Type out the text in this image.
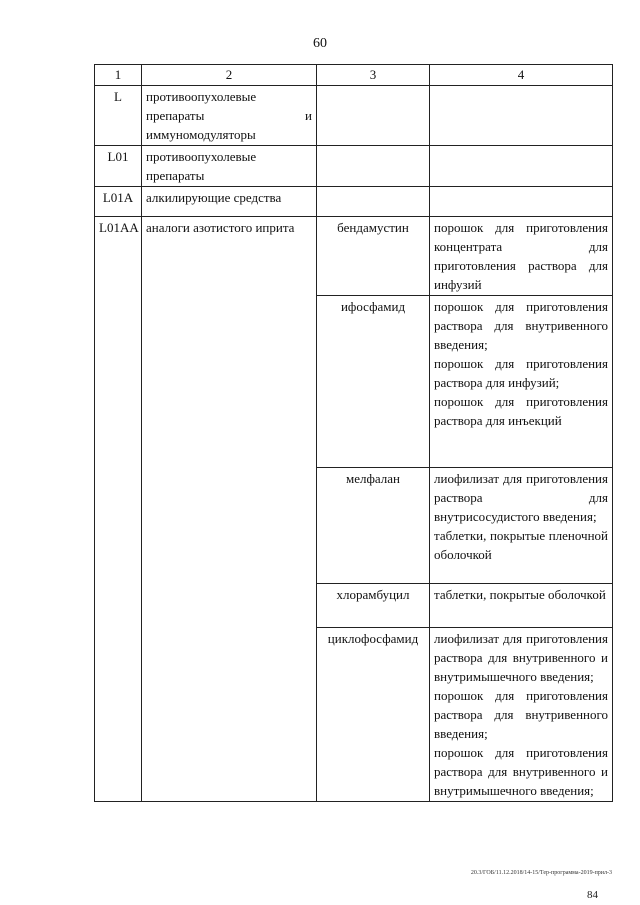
60
1	2	3	4
L	противоопухолевые препараты и иммуномодуляторы		
L01	противоопухолевые препараты		
L01A	алкилирующие средства		
L01AA	аналоги азотистого иприта	бендамустин	порошок для приготовления концентрата для приготовления раствора для инфузий

		ифосфамид	порошок для приготовления раствора для внутривенного введения;
порошок для приготовления раствора для инфузий;
порошок для приготовления раствора для инъекций

		мелфалан	лиофилизат для приготовления раствора для внутрисосудистого введения;
таблетки, покрытые пленочной оболочкой

		хлорамбуцил	таблетки, покрытые оболочкой

		циклофосфамид	лиофилизат для приготовления раствора для внутривенного и внутримышечного введения;
порошок для приготовления раствора для внутривенного введения;
порошок для приготовления раствора для внутривенного и внутримышечного введения;
20.3/ГОБ/11.12.2018/14-15/Тер-программа-2019-прил-3
84
